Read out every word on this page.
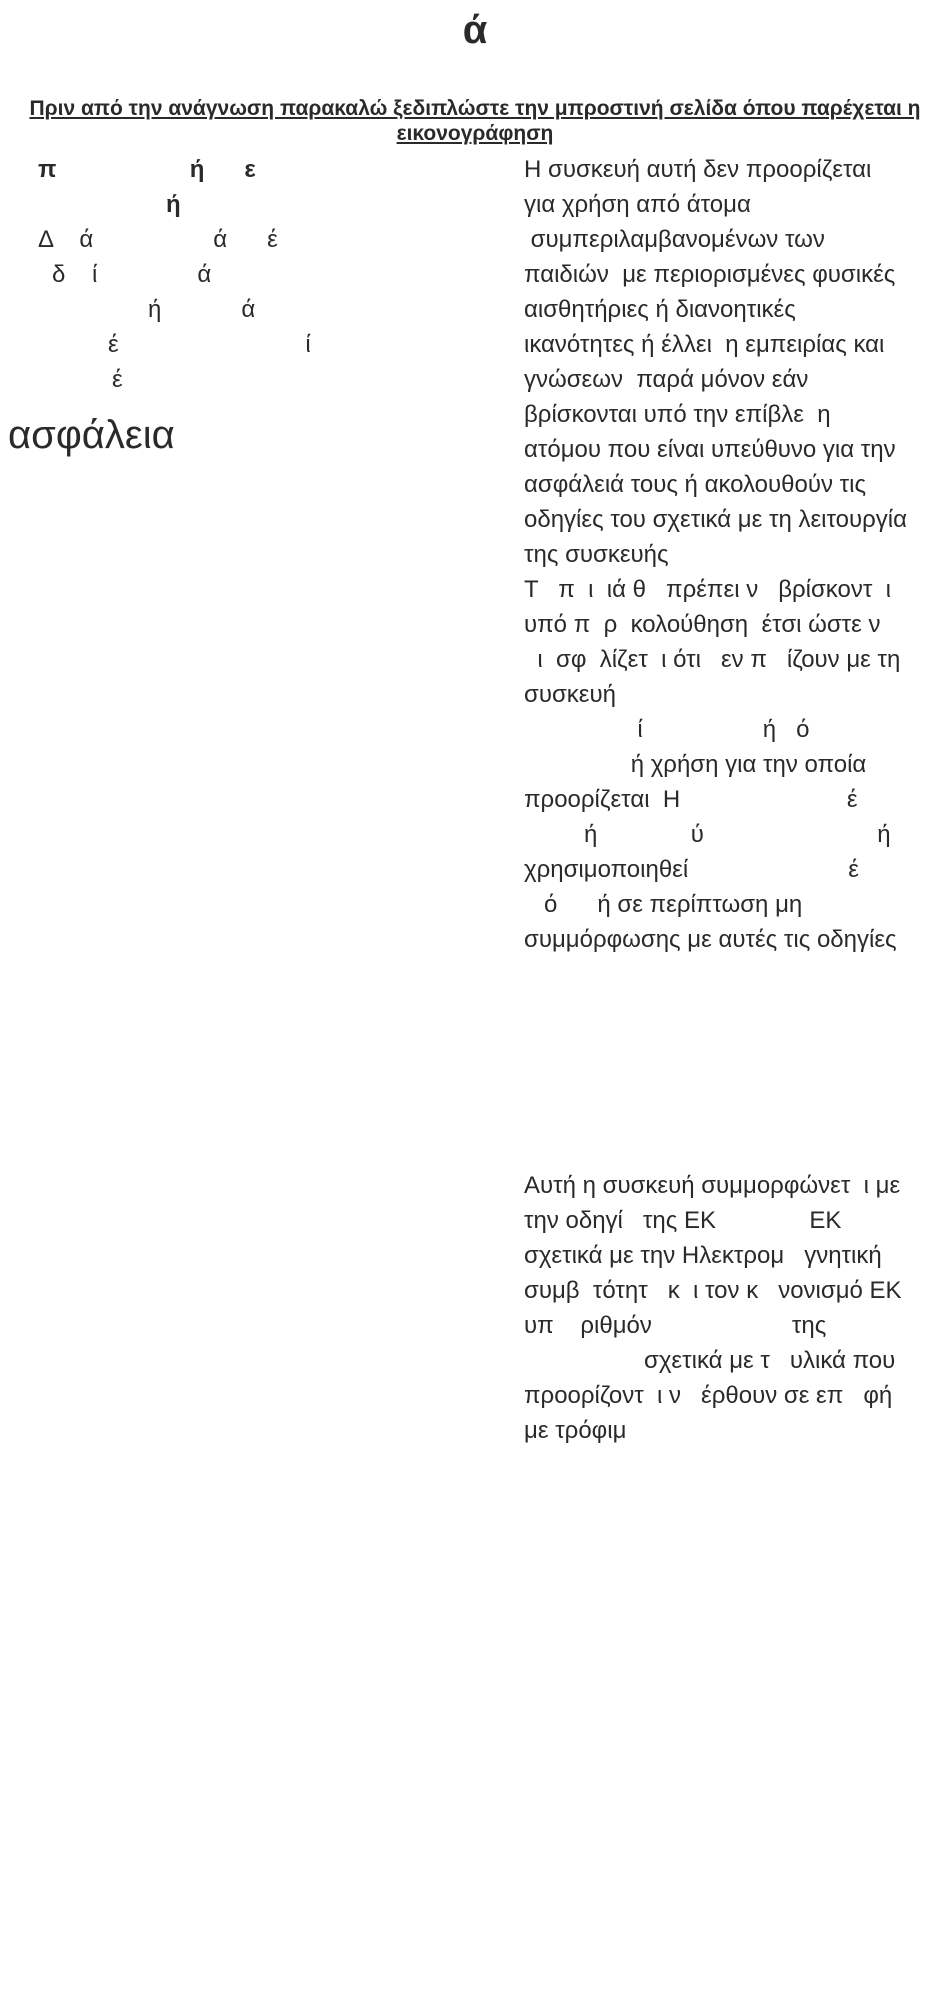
ά
Πριν από την ανάγνωση παρακαλώ ξεδιπλώστε την μπροστινή σελίδα όπου παρέχεται η εικονογράφηση
π                    ή      ε
ή
Δ    ά                  ά      έ
δ    ί               ά
ή            ά
έ                            ί
έ
ασφάλεια
Η συσκευή αυτή δεν προορίζεται
για χρήση από άτομα
συμπεριλαμβανομένων των
παιδιών  με περιορισμένες φυσικές
αισθητήριες ή διανοητικές
ικανότητες ή έλλει  η εμπειρίας και
γνώσεων  παρά μόνον εάν
βρίσκονται υπό την επίβλε  η
ατόμου που είναι υπεύθυνο για την
ασφάλειά τους ή ακολουθούν τις
οδηγίες του σχετικά με τη λειτουργία
της συσκευής
Τ   π  ι  ιά θ   πρέπει ν   βρίσκοντ  ι
υπό π  ρ  κολούθηση  έτσι ώστε ν
ι  σφ  λίζετ  ι ότι   εν π   ίζουν με τη
συσκευή
ί                  ή   ό
ή χρήση για την οποία
προορίζεται  Η                         έ
ή              ύ                          ή
χρησιμοποιηθεί                        έ
ό      ή σε περίπτωση μη
συμμόρφωσης με αυτές τις οδηγίες
Αυτή η συσκευή συμμορφώνετ  ι με
την οδηγί   της ΕΚ              ΕΚ
σχετικά με την Ηλεκτρομ   γνητική
συμβ  τότητ   κ  ι τον κ   νονισμό ΕΚ
υπ    ριθμόν                     της
σχετικά με τ   υλικά που
προορίζοντ  ι ν   έρθουν σε επ   φή
με τρόφιμ
